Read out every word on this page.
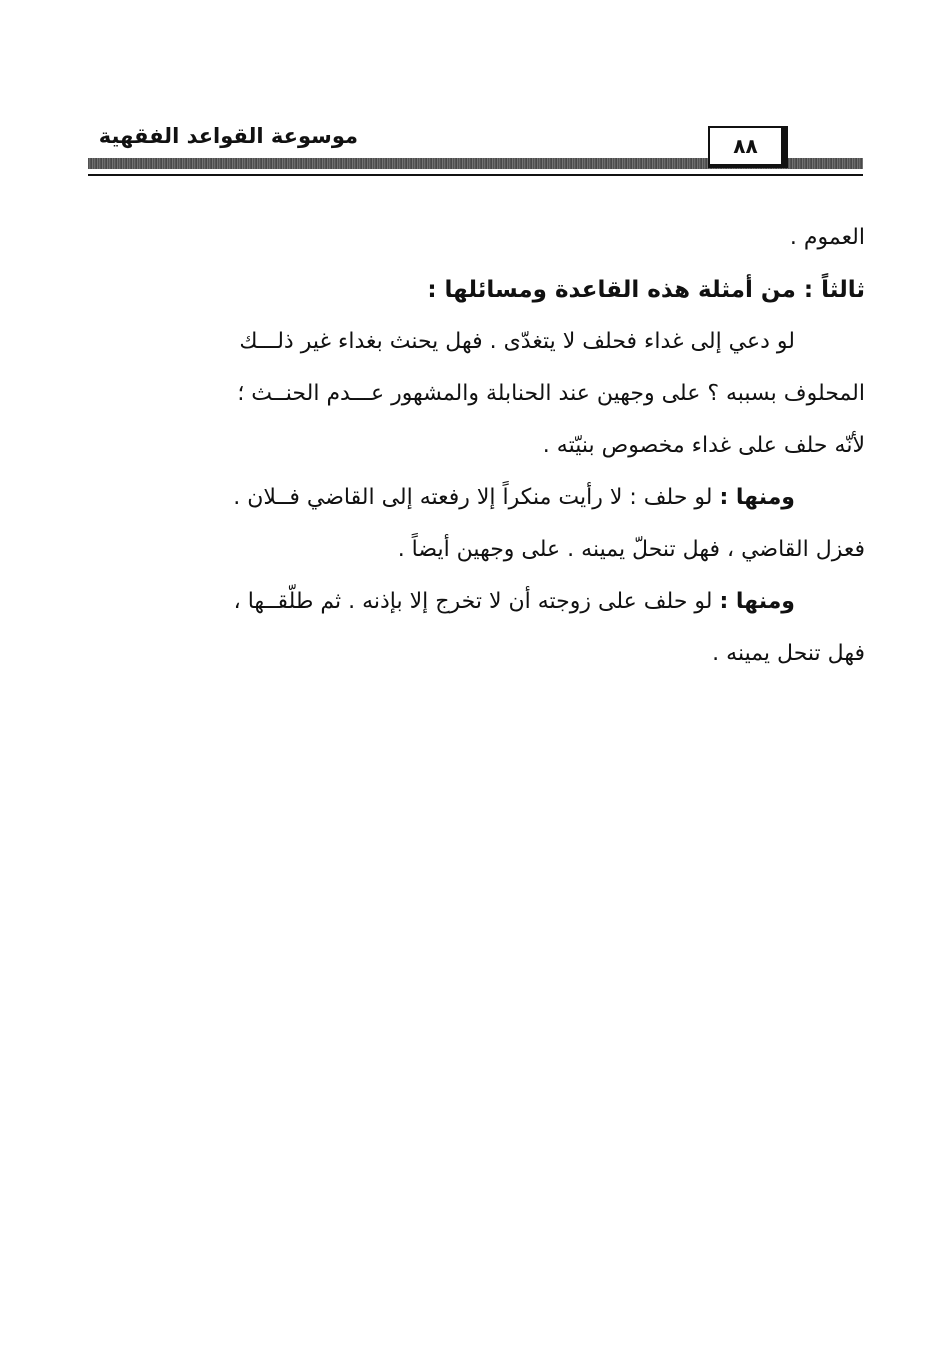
موسوعة القواعد الفقهية	٨٨
العموم .
ثالثاً : من أمثلة هذه القاعدة ومسائلها :
لو دعي إلى غداء فحلف لا يتغدّى . فهل يحنث بغداء غير ذلـــك
المحلوف بسببه ؟ على وجهين عند الحنابلة والمشهور عـــدم الحنــث ؛
لأنّه حلف على غداء مخصوص بنيّته .
ومنها : لو حلف : لا رأيت منكراً إلا رفعته إلى القاضي فــلان .
فعزل القاضي ، فهل تنحلّ يمينه . على وجهين أيضاً .
ومنها : لو حلف على زوجته أن لا تخرج إلا بإذنه . ثم طلّقــها ،
فهل تنحل يمينه .
